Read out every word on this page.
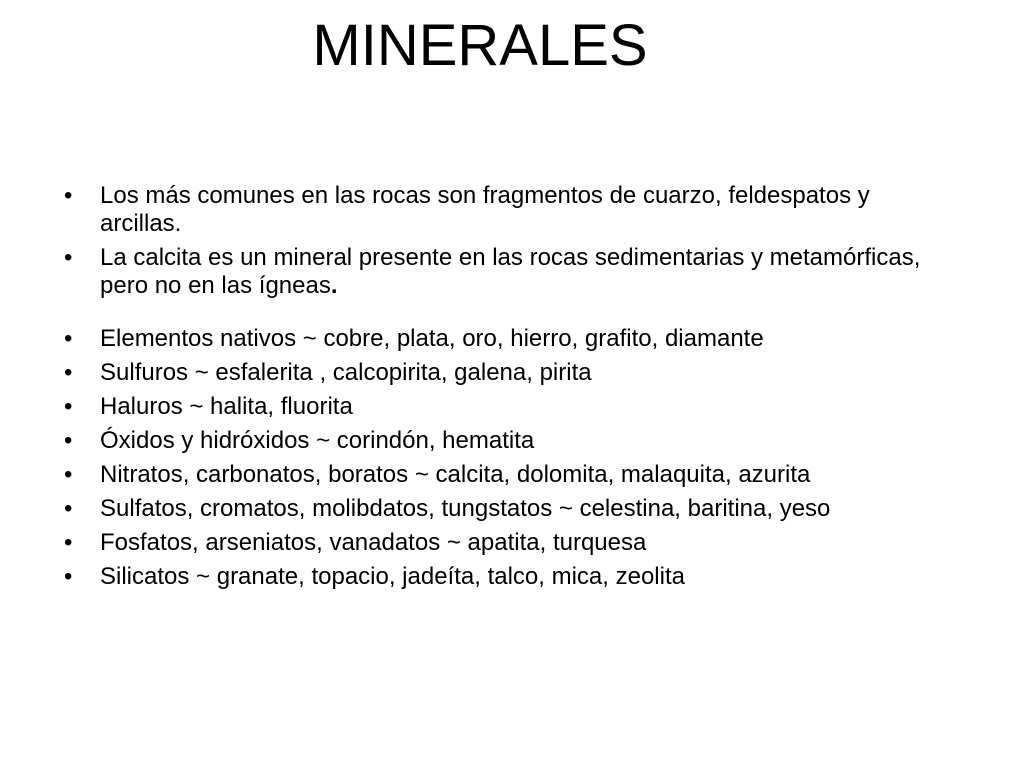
MINERALES
•	Los más comunes en las rocas son fragmentos de cuarzo, feldespatos y arcillas.
•	La calcita es un mineral presente en las rocas sedimentarias y metamórficas, pero no en las ígneas.
•	Elementos nativos ~ cobre, plata, oro, hierro, grafito, diamante
•	Sulfuros ~ esfalerita , calcopirita, galena, pirita
•	Haluros ~ halita, fluorita
•	Óxidos y hidróxidos ~ corindón, hematita
•	Nitratos, carbonatos, boratos ~ calcita, dolomita, malaquita, azurita
•	Sulfatos, cromatos, molibdatos, tungstatos ~ celestina, baritina, yeso
•	Fosfatos, arseniatos, vanadatos ~ apatita, turquesa
•	Silicatos ~ granate, topacio, jadeíta, talco, mica, zeolita
